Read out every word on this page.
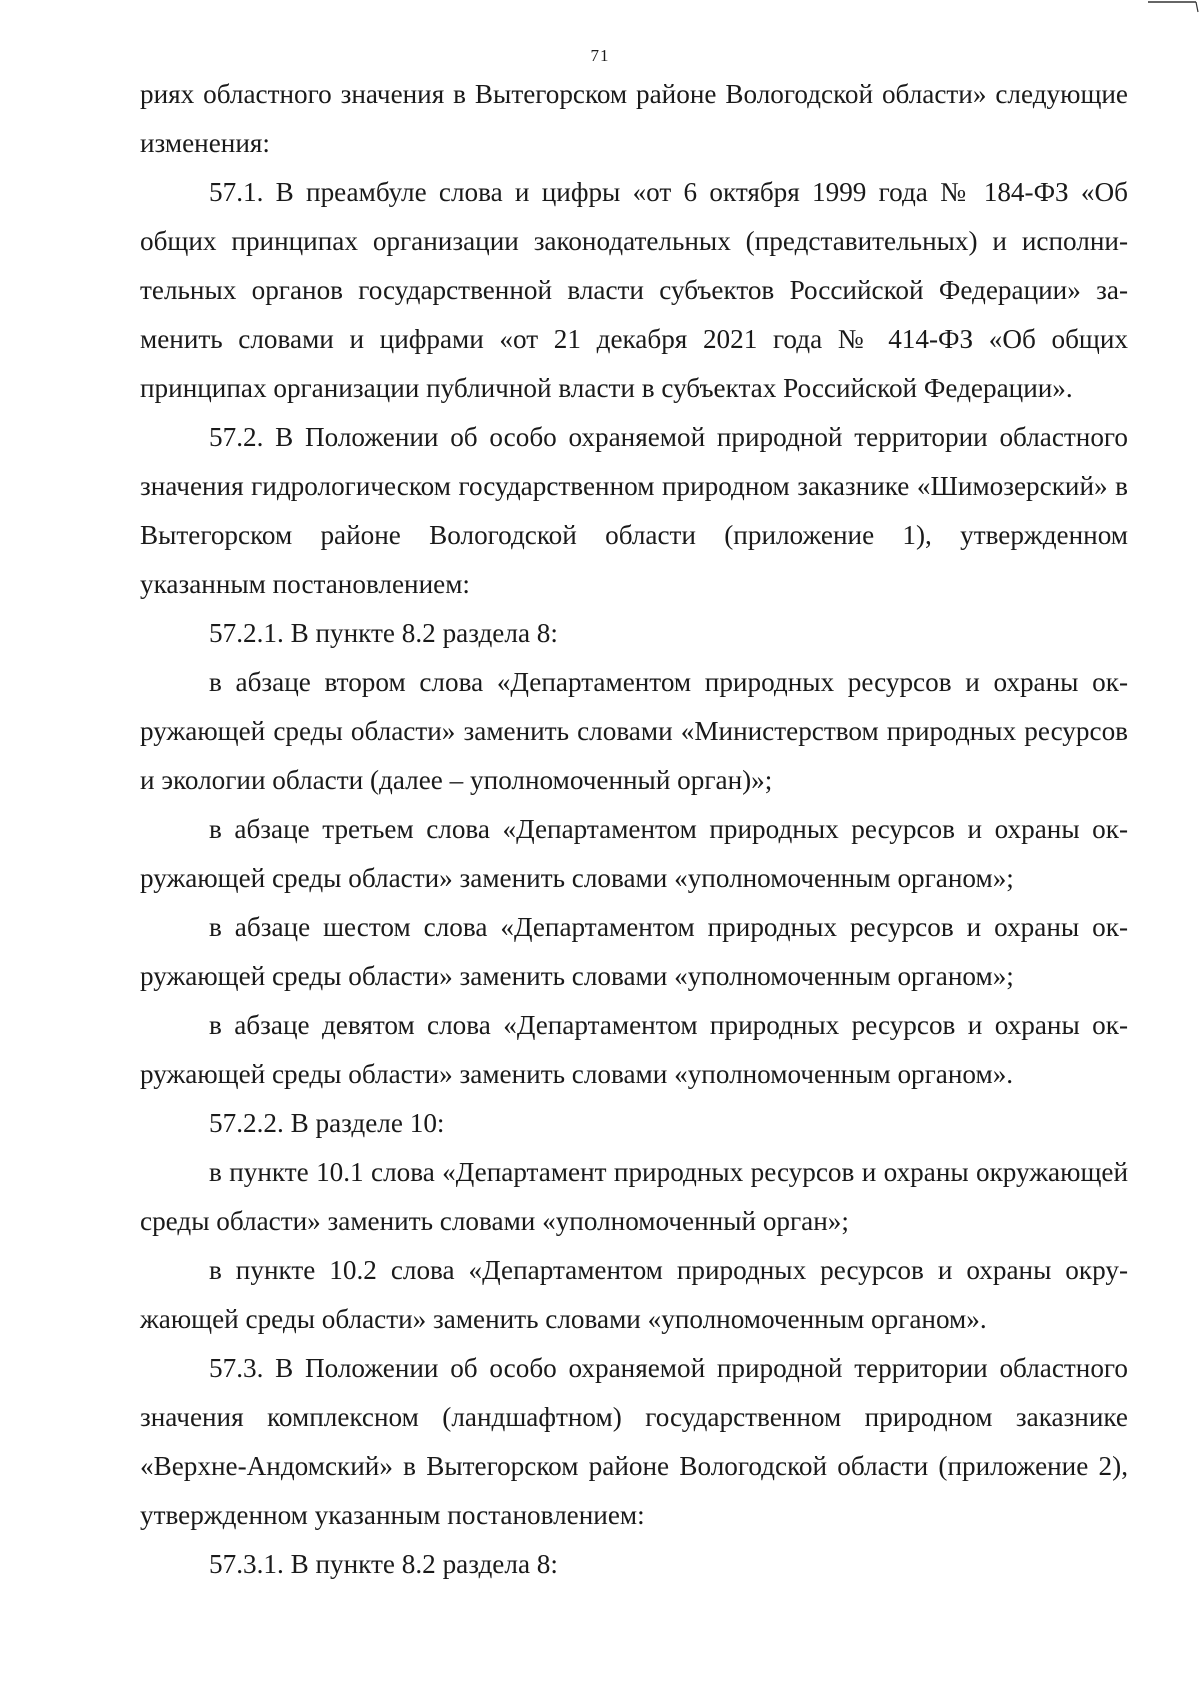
71

риях областного значения в Вытегорском районе Вологодской области» следующие изменения:

57.1. В преамбуле слова и цифры «от 6 октября 1999 года № 184-ФЗ «Об общих принципах организации законодательных (представительных) и исполнительных органов государственной власти субъектов Российской Федерации» заменить словами и цифрами «от 21 декабря 2021 года № 414-ФЗ «Об общих принципах организации публичной власти в субъектах Российской Федерации».

57.2. В Положении об особо охраняемой природной территории областного значения гидрологическом государственном природном заказнике «Шимозерский» в Вытегорском районе Вологодской области (приложение 1), утвержденном указанным постановлением:

57.2.1. В пункте 8.2 раздела 8:

в абзаце втором слова «Департаментом природных ресурсов и охраны окружающей среды области» заменить словами «Министерством природных ресурсов и экологии области (далее – уполномоченный орган)»;

в абзаце третьем слова «Департаментом природных ресурсов и охраны окружающей среды области» заменить словами «уполномоченным органом»;

в абзаце шестом слова «Департаментом природных ресурсов и охраны окружающей среды области» заменить словами «уполномоченным органом»;

в абзаце девятом слова «Департаментом природных ресурсов и охраны окружающей среды области» заменить словами «уполномоченным органом».

57.2.2. В разделе 10:

в пункте 10.1 слова «Департамент природных ресурсов и охраны окружающей среды области» заменить словами «уполномоченный орган»;

в пункте 10.2 слова «Департаментом природных ресурсов и охраны окружающей среды области» заменить словами «уполномоченным органом».

57.3. В Положении об особо охраняемой природной территории областного значения комплексном (ландшафтном) государственном природном заказнике «Верхне-Андомский» в Вытегорском районе Вологодской области (приложение 2), утвержденном указанным постановлением:

57.3.1. В пункте 8.2 раздела 8:
